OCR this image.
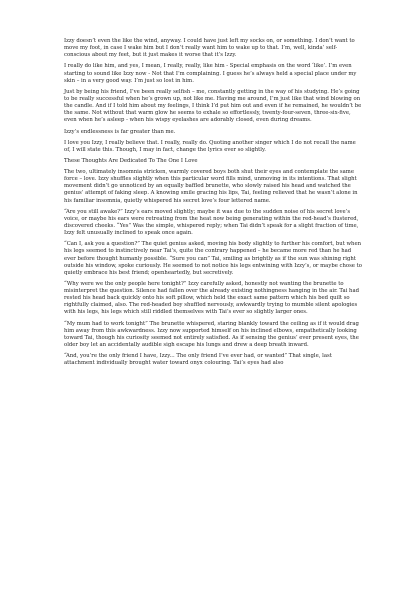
Izzy doesn’t even the like the wind, anyway. I could have just left my socks on, or something. I don’t want to move my foot, in case I wake him but I don’t really want him to wake up to that. I’m, well, kinda’ self-conscious about my feet, but it just makes it worse that it’s Izzy.

I really do like him, and yes, I mean, I really, really, like him - Special emphasis on the word ‘like’. I’m even starting to sound like Izzy now - Not that I’m complaining. I guess he’s always held a special place under my skin – in a very good way. I’m just so lost in him.

Just by being his friend, I’ve been really selfish – me, constantly getting in the way of his studying. He’s going to be really successful when he’s grown up, not like me. Having me around, I’m just like that wind blowing on the candle. And if I told him about my feelings, I think I’d put him out and even if he remained, he wouldn’t be the same. Not without that warm glow he seems to exhale so effortlessly, twenty-four-seven, three-six-five, even when he’s asleep - when his wispy eyelashes are adorably closed, even during dreams.

Izzy’s endlessness is far greater than me.

I love you Izzy, I really believe that. I really, really do. Quoting another singer which I do not recall the name of, I will state this. Though, I may in fact, change the lyrics ever so slightly.

These Thoughts Are Dedicated To The One I Love

The two, ultimately insomnia stricken, warmly covered boys both shut their eyes and contemplate the same force – love. Izzy shuffles slightly when this particular word fills mind, unmoving in its intentions. That slight movement didn’t go unnoticed by an equally baffled brunette, who slowly raised his head and watched the genius’ attempt of faking sleep. A knowing smile gracing his lips, Tai, feeling relieved that he wasn’t alone in his familiar insomnia, quietly whispered his secret love’s four lettered name.

“Are you still awake?” Izzy’s ears moved slightly; maybe it was due to the sudden noise of his secret love’s voice, or maybe his ears were retreating from the heat now being generating within the red-head’s flustered, discovered cheeks. “Yes” Was the simple, whispered reply; when Tai didn’t speak for a slight fraction of time, Izzy felt unusually inclined to speak once again.

“Can I, ask you a question?” The quiet genius asked, moving his body slightly to further his comfort, but when his legs seemed to instinctively near Tai’s, quite the contrary happened – he became more red than he had ever before thought humanly possible. “Sure you can” Tai, smiling as brightly as if the sun was shining right outside his window, spoke curiously. He seemed to not notice his legs entwining with Izzy’s, or maybe chose to quietly embrace his best friend; openheartedly, but secretively.

“Why were we the only people here tonight?” Izzy carefully asked, honestly not wanting the brunette to misinterpret the question. Silence had fallen over the already existing nothingness hanging in the air. Tai had rested his head back quickly onto his soft pillow, which held the exact same pattern which his bed quilt so rightfully claimed, also. The red-headed boy shuffled nervously, awkwardly trying to mumble silent apologies with his legs, his legs which still riddled themselves with Tai’s ever so slightly larger ones.

“My mum had to work tonight” The brunette whispered, staring blankly toward the ceiling as if it would drag him away from this awkwardness. Izzy now supported himself on his inclined elbows, empathetically looking toward Tai, though his curiosity seemed not entirely satisfied. As if sensing the genius’ ever present eyes, the older boy let an accidentally audible sigh escape his lungs and drew a deep breath inward.

“And, you’re the only friend I have, Izzy... The only friend I’ve ever had, or wanted” That single, last attachment individually brought water toward onyx colouring. Tai’s eyes had also
